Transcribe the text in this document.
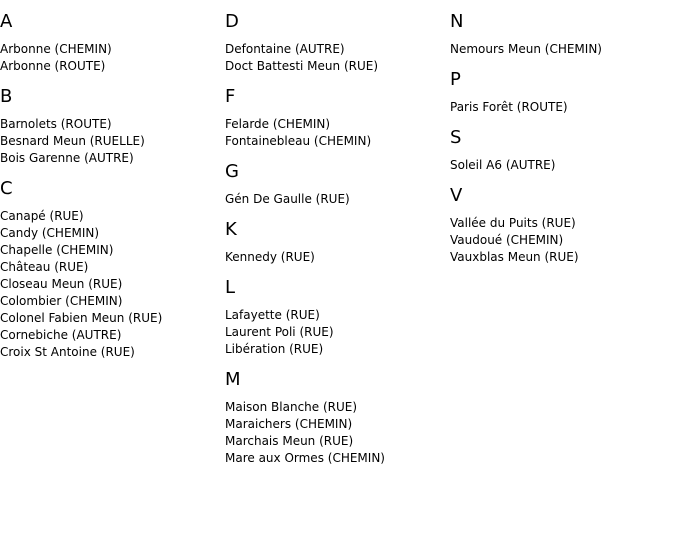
A
Arbonne (CHEMIN)
Arbonne (ROUTE)
B
Barnolets (ROUTE)
Besnard Meun (RUELLE)
Bois Garenne (AUTRE)
C
Canapé (RUE)
Candy (CHEMIN)
Chapelle (CHEMIN)
Château (RUE)
Closeau Meun (RUE)
Colombier (CHEMIN)
Colonel Fabien Meun (RUE)
Cornebiche (AUTRE)
Croix St Antoine (RUE)
D
Defontaine (AUTRE)
Doct Battesti Meun (RUE)
F
Felarde (CHEMIN)
Fontainebleau (CHEMIN)
G
Gén De Gaulle (RUE)
K
Kennedy (RUE)
L
Lafayette (RUE)
Laurent Poli (RUE)
Libération (RUE)
M
Maison Blanche (RUE)
Maraichers (CHEMIN)
Marchais Meun (RUE)
Mare aux Ormes (CHEMIN)
N
Nemours Meun (CHEMIN)
P
Paris Forêt (ROUTE)
S
Soleil A6 (AUTRE)
V
Vallée du Puits (RUE)
Vaudoué (CHEMIN)
Vauxblas Meun (RUE)
